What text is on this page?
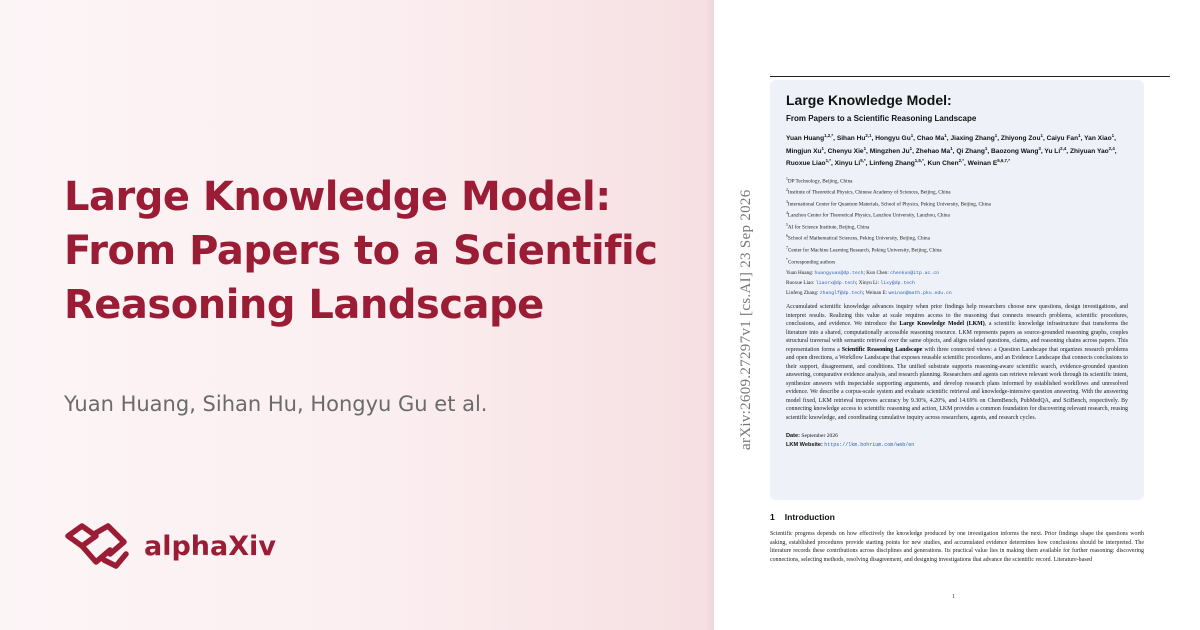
Large Knowledge Model: From Papers to a Scientific Reasoning Landscape
Yuan Huang, Sihan Hu, Hongyu Gu et al.
alphaXiv
arXiv:2609.27297v1 [cs.AI] 23 Sep 2026
Large Knowledge Model:
From Papers to a Scientific Reasoning Landscape
Yuan Huang$^{1,2,*}$, Sihan Hu$^{2,1}$, Hongyu Gu$^1$, Chao Ma$^1$, Jiaxing Zhang$^1$, Zhiyong Zou$^1$, Caiyu Fan$^1$, Yan Xiao$^1$, Mingjun Xu$^1$, Chenyu Xie$^1$, Mingzhen Ju$^1$, Zhehao Ma$^1$, Qi Zhang$^1$, Baozong Wang$^3$, Yu Li$^{2,4}$, Zhiyuan Yao$^{2,4}$, Ruoxue Liao$^{1,*}$, Xinyu $Li^{5,*}$, Linfeng Zhang$^{1,5,*}$, Kun Chen$^{2,*}$, Weinan $E^{5,6,7,*}$
$^1$DP Technology, Beijing, China
$^2$Institute of Theoretical Physics, Chinese Academy of Sciences, Beijing, China
$^3$International Center for Quantum Materials, School of Physics, Peking University, Beijing, China
$^4$Lanzhou Center for Theoretical Physics, Lanzhou University, Lanzhou, China
$^5$AI for Science Institute, Beijing, China
$^6$School of Mathematical Sciences, Peking University, Beijing, China
$^7$Center for Machine Learning Research, Peking University, Beijing, China
*Corresponding authors
Yuan Huang: huangyuan@dp.tech; Kun Chen: chenkun@itp.ac.cn
Ruoxue Liao: liaorx@dp.tech; Xinyu Li: lixy@dp.tech
Linfeng Zhang: zhanglf@dp.tech; Weinan E: weinan@math.pku.edu.cn
Accumulated scientific knowledge advances inquiry when prior findings help researchers choose new questions, design investigations, and interpret results. Realizing this value at scale requires access to the reasoning that connects research problems, scientific procedures, conclusions, and evidence. We introduce the Large Knowledge Model (LKM), a scientific knowledge infrastructure that transforms the literature into a shared, computationally accessible reasoning resource. LKM represents papers as source-grounded reasoning graphs, couples structural traversal with semantic retrieval over the same objects, and aligns related questions, claims, and reasoning chains across papers. This representation forms a Scientific Reasoning Landscape with three connected views: a Question Landscape that organizes research problems and open directions, a Workflow Landscape that exposes reusable scientific procedures, and an Evidence Landscape that connects conclusions to their support, disagreement, and conditions. The unified substrate supports reasoning-aware scientific search, evidence-grounded question answering, comparative evidence analysis, and research planning. Researchers and agents can retrieve relevant work through its scientific intent, synthesize answers with inspectable supporting arguments, and develop research plans informed by established workflows and unresolved evidence. We describe a corpus-scale system and evaluate scientific retrieval and knowledge-intensive question answering. With the answering model fixed, LKM retrieval improves accuracy by 9.30%, 4.20%, and 14.69% on ChemBench, PubMedQA, and SciBench, respectively. By connecting knowledge access to scientific reasoning and action, LKM provides a common foundation for discovering relevant research, reusing scientific knowledge, and coordinating cumulative inquiry across researchers, agents, and research cycles.
Date: September 2026
LKM Website: https://lkm.bohrium.com/web/en
1 Introduction
Scientific progress depends on how effectively the knowledge produced by one investigation informs the next. Prior findings shape the questions worth asking, established procedures provide starting points for new studies, and accumulated evidence determines how conclusions should be interpreted. The literature records these contributions across disciplines and generations. Its practical value lies in making them available for further reasoning: discovering connections, selecting methods, resolving disagreement, and designing investigations that advance the scientific record. Literature-based
1
